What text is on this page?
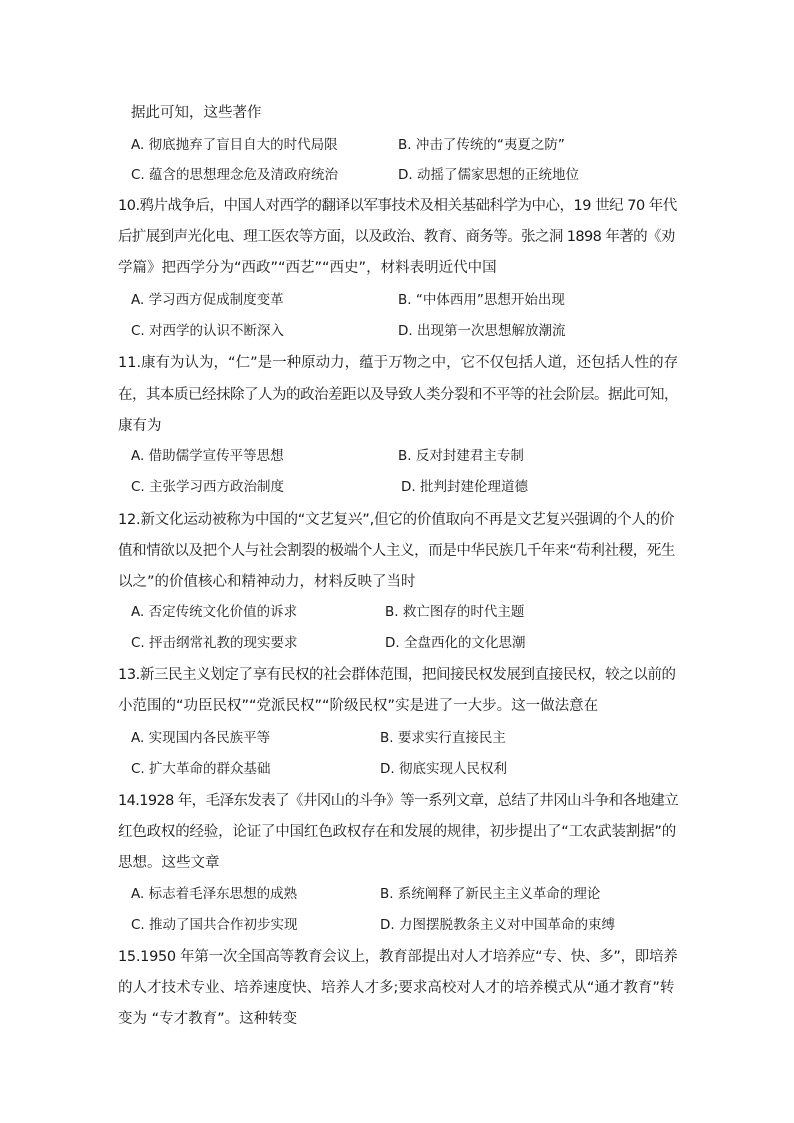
据此可知，这些著作
A. 彻底抛弃了盲目自大的时代局限	B. 冲击了传统的“夷夏之防”
C. 蕴含的思想理念危及清政府统治	D. 动摇了儒家思想的正统地位
10.鸦片战争后，中国人对西学的翻译以军事技术及相关基础科学为中心，19 世纪 70 年代
后扩展到声光化电、理工医农等方面，以及政治、教育、商务等。张之洞 1898 年著的《劝
学篇》把西学分为“西政”“西艺”“西史”，材料表明近代中国
A. 学习西方促成制度变革	B. “中体西用”思想开始出现
C. 对西学的认识不断深入	D. 出现第一次思想解放潮流
11.康有为认为，“仁”是一种原动力，蕴于万物之中，它不仅包括人道，还包括人性的存
在，其本质已经抹除了人为的政治差距以及导致人类分裂和不平等的社会阶层。据此可知，
康有为
A. 借助儒学宣传平等思想	B. 反对封建君主专制
C. 主张学习西方政治制度	D. 批判封建伦理道德
12.新文化运动被称为中国的“文艺复兴”,但它的价值取向不再是文艺复兴强调的个人的价
值和情欲以及把个人与社会割裂的极端个人主义，而是中华民族几千年来“苟利社稷，死生
以之”的价值核心和精神动力，材料反映了当时
A. 否定传统文化价值的诉求	B. 救亡图存的时代主题
C. 抨击纲常礼教的现实要求	D. 全盘西化的文化思潮
13.新三民主义划定了享有民权的社会群体范围，把间接民权发展到直接民权，较之以前的
小范围的“功臣民权”“党派民权”“阶级民权”实是进了一大步。这一做法意在
A. 实现国内各民族平等	B. 要求实行直接民主
C. 扩大革命的群众基础	D. 彻底实现人民权利
14.1928 年，毛泽东发表了《井冈山的斗争》等一系列文章，总结了井冈山斗争和各地建立
红色政权的经验，论证了中国红色政权存在和发展的规律，初步提出了“工农武装割据”的
思想。这些文章
A. 标志着毛泽东思想的成熟	B. 系统阐释了新民主主义革命的理论
C. 推动了国共合作初步实现	D. 力图摆脱教条主义对中国革命的束缚
15.1950 年第一次全国高等教育会议上，教育部提出对人才培养应“专、快、多”，即培养
的人才技术专业、培养速度快、培养人才多;要求高校对人才的培养模式从“通才教育”转
变为 “专才教育”。这种转变
